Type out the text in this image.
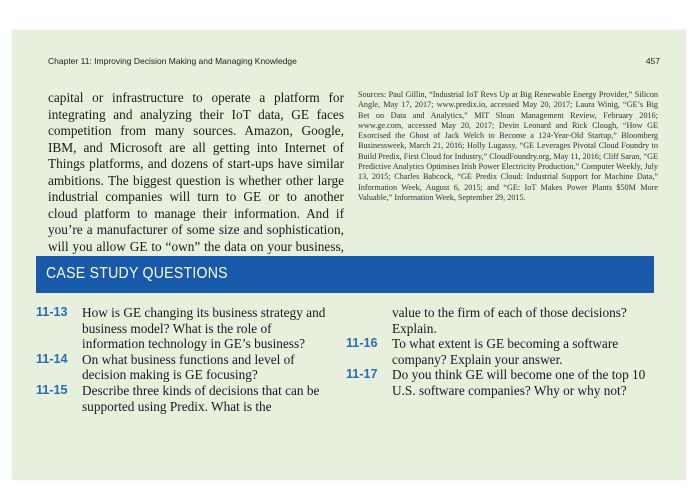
Chapter 11: Improving Decision Making and Managing Knowledge	457

capital or infrastructure to operate a platform for integrating and analyzing their IoT data, GE faces competition from many sources. Amazon, Google, IBM, and Microsoft are all getting into Internet of Things platforms, and dozens of start-ups have similar ambitions. The biggest question is whether other large industrial companies will turn to GE or to another cloud platform to manage their information. And if you’re a manufacturer of some size and sophistication, will you allow GE to “own” the data on your business,

Sources: Paul Gillin, “Industrial IoT Revs Up at Big Renewable Energy Provider,” Silicon Angle, May 17, 2017; www.predix.io, accessed May 20, 2017; Laura Winig, “GE’s Big Bet on Data and Analytics,” MIT Sloan Management Review, February 2016; www.ge.com, accessed May 20, 2017; Devin Leonard and Rick Clough, “How GE Exorcised the Ghost of Jack Welch to Become a 124-Year-Old Startup,” Bloomberg Businessweek, March 21, 2016; Holly Lugassy, “GE Leverages Pivotal Cloud Foundry to Build Predix, First Cloud for Industry,” CloudFoundry.org, May 11, 2016; Cliff Saran, “GE Predictive Analytics Optimises Irish Power Electricity Production,” Computer Weekly, July 13, 2015; Charles Babcock, “GE Predix Cloud: Industrial Support for Machine Data,” Information Week, August 6, 2015; and “GE: IoT Makes Power Plants $50M More Valuable,” Information Week, September 29, 2015.

CASE STUDY QUESTIONS
11-13	How is GE changing its business strategy and business model? What is the role of information technology in GE’s business?
11-14	On what business functions and level of decision making is GE focusing?
11-15	Describe three kinds of decisions that can be supported using Predix. What is the

value to the firm of each of those decisions? Explain.

11-16	To what extent is GE becoming a software company? Explain your answer.
11-17	Do you think GE will become one of the top 10 U.S. software companies? Why or why not?
